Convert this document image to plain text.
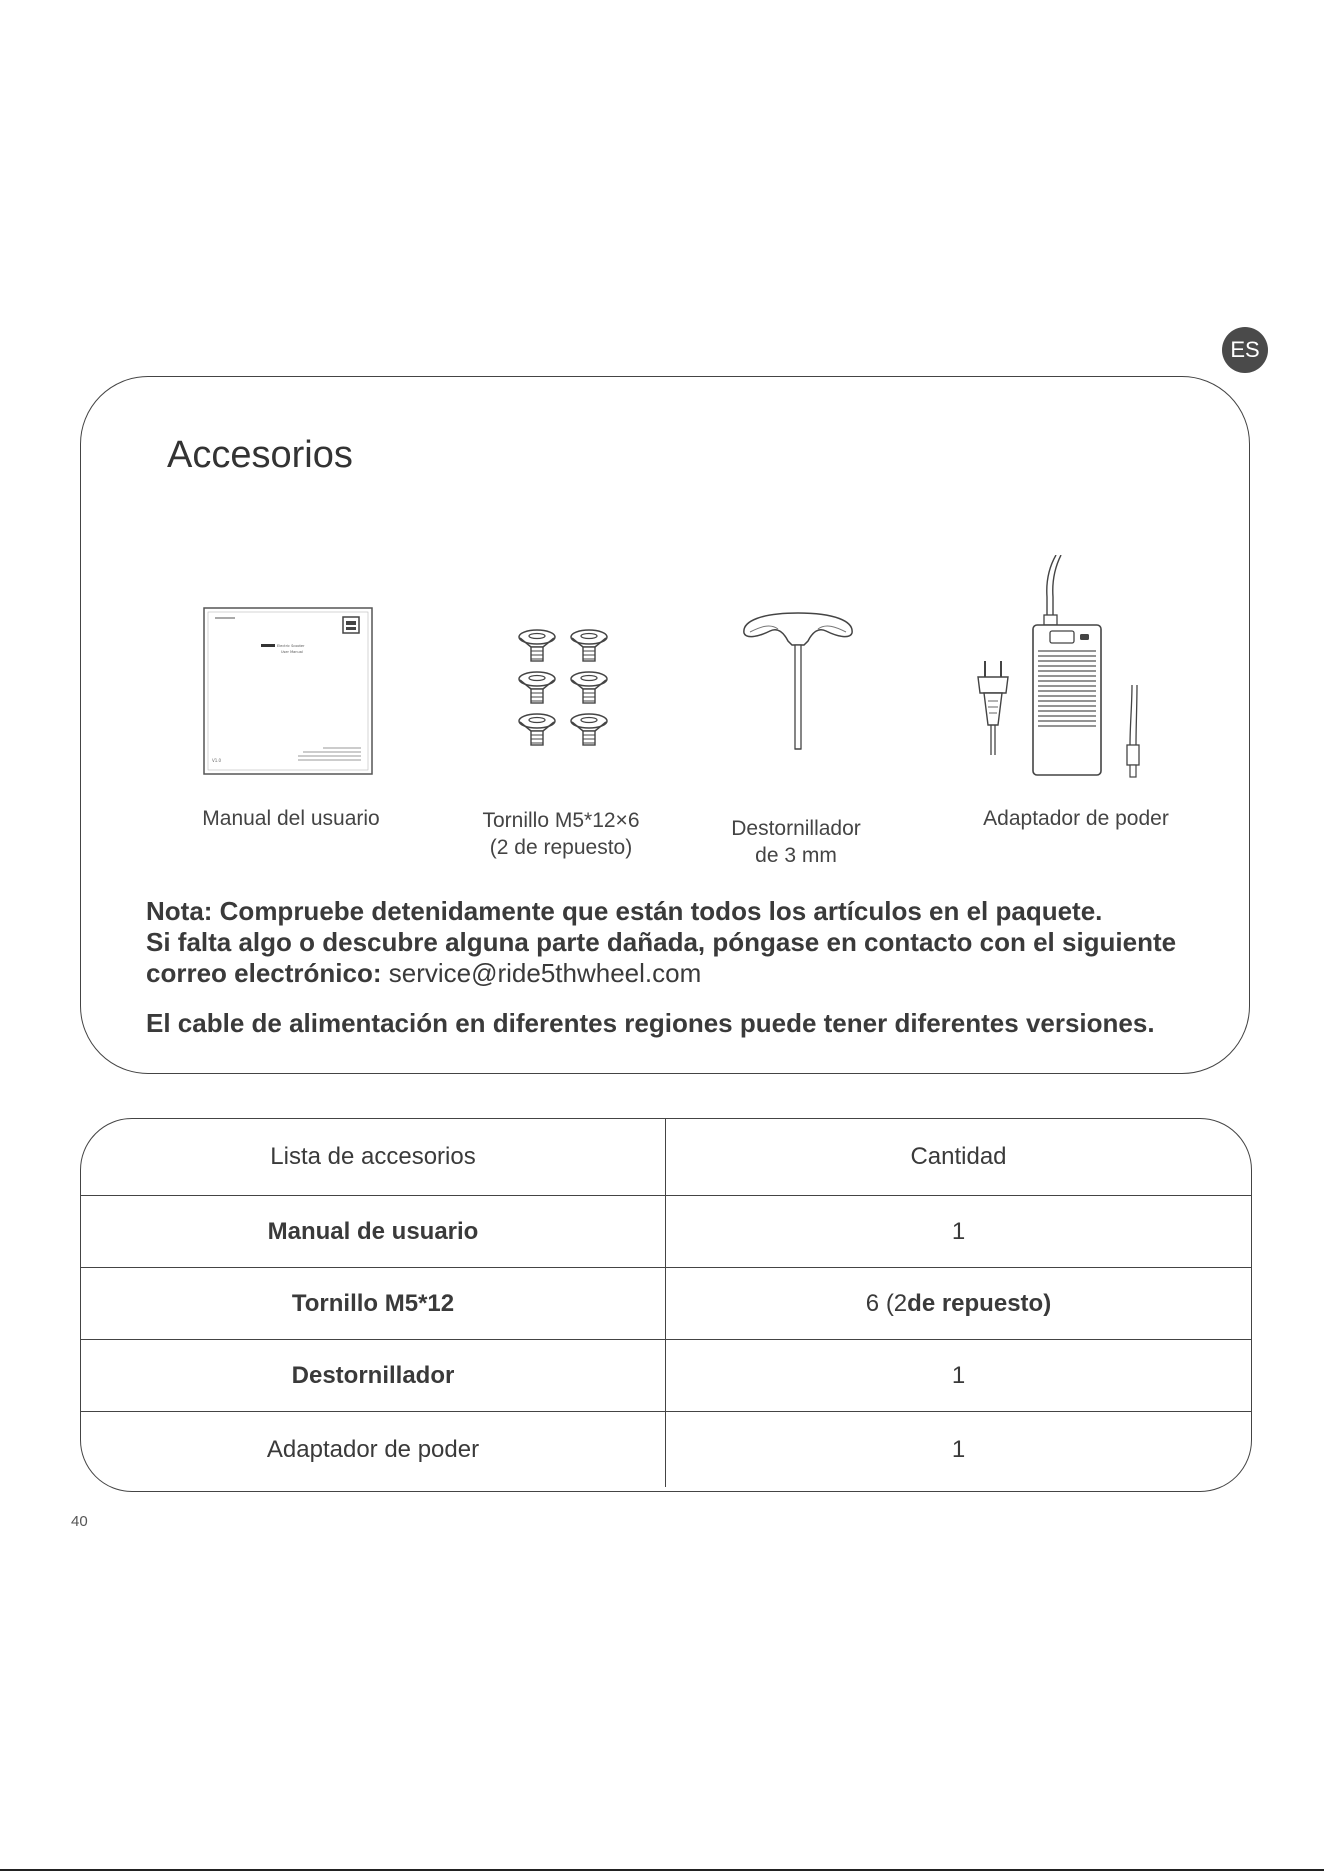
ES
Accesorios
Electric Scooter
User Manual
V1.0
Manual del usuario	Tornillo M5*12×6
(2 de repuesto)
Destornillador
de 3 mm
Adaptador de poder

Nota: Compruebe detenidamente que están todos los artículos en el paquete.
Si falta algo o descubre alguna parte dañada, póngase en contacto con el siguiente
correo electrónico: service@ride5thwheel.com

El cable de alimentación en diferentes regiones puede tener diferentes versiones.

Lista de accesorios	Cantidad
Manual de usuario	1
Tornillo M5*12	6 (2 de repuesto)
Destornillador	1
Adaptador de poder	1
40
